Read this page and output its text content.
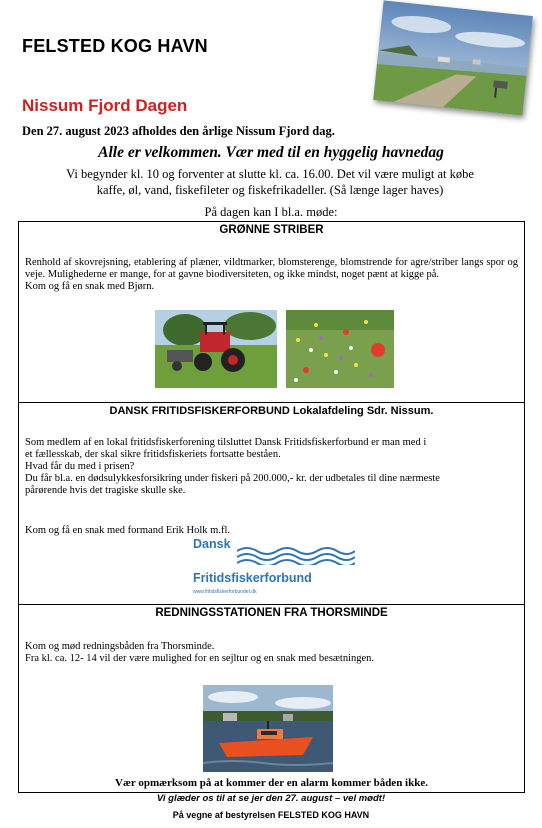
FELSTED KOG HAVN
Nissum Fjord Dagen
Den 27. august 2023 afholdes den årlige Nissum Fjord dag.
Alle er velkommen. Vær med til en hyggelig havnedag
Vi begynder kl. 10 og forventer at slutte kl. ca. 16.00. Det vil være muligt at købe
kaffe, øl, vand, fiskefileter og fiskefrikadeller. (Så længe lager haves)
På dagen kan I bl.a. møde:
GRØNNE STRIBER
Renhold af skovrejsning, etablering af plæner, vildtmarker, blomsterenge, blomstrende for agre/striber langs spor og veje. Mulighederne er mange, for at gavne biodiversiteten, og ikke mindst, noget pænt at kigge på.
Kom og få en snak med Bjørn.
DANSK FRITIDSFISKERFORBUND Lokalafdeling Sdr. Nissum.
Som medlem af en lokal fritidsfiskerforening tilsluttet Dansk Fritidsfiskerforbund er man med i
et fællesskab, der skal sikre fritidsfiskeriets fortsatte beståen.
Hvad får du med i prisen?
Du får bl.a. en dødsulykkesforsikring under fiskeri på 200.000,- kr. der udbetales til dine nærmeste
pårørende hvis det tragiske skulle ske.
Kom og få en snak med formand Erik Holk m.fl.
Dansk
Fritidsfiskerforbund
www.fritidsfiskerforbundet.dk
REDNINGSSTATIONEN FRA THORSMINDE
Kom og mød redningsbåden fra Thorsminde.
Fra kl. ca. 12- 14 vil der være mulighed for en sejltur og en snak med besætningen.
Vær opmærksom på at kommer der en alarm kommer båden ikke.
Vi glæder os til at se jer den 27. august – vel mødt!
På vegne af bestyrelsen FELSTED KOG HAVN
